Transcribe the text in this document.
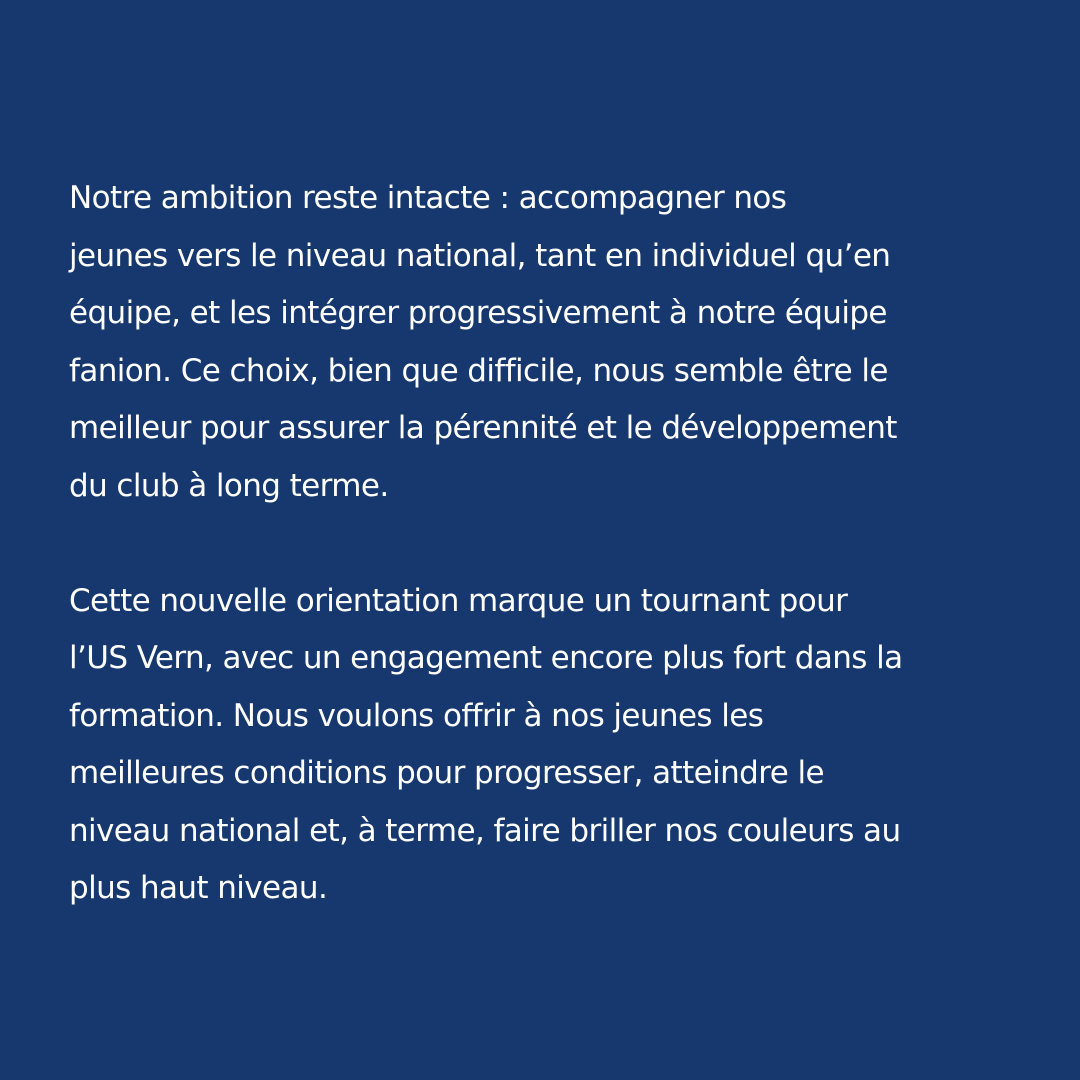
Notre ambition reste intacte : accompagner nos
jeunes vers le niveau national, tant en individuel qu’en
équipe, et les intégrer progressivement à notre équipe
fanion. Ce choix, bien que difficile, nous semble être le
meilleur pour assurer la pérennité et le développement
du club à long terme.
Cette nouvelle orientation marque un tournant pour
l’US Vern, avec un engagement encore plus fort dans la
formation. Nous voulons offrir à nos jeunes les
meilleures conditions pour progresser, atteindre le
niveau national et, à terme, faire briller nos couleurs au
plus haut niveau.
